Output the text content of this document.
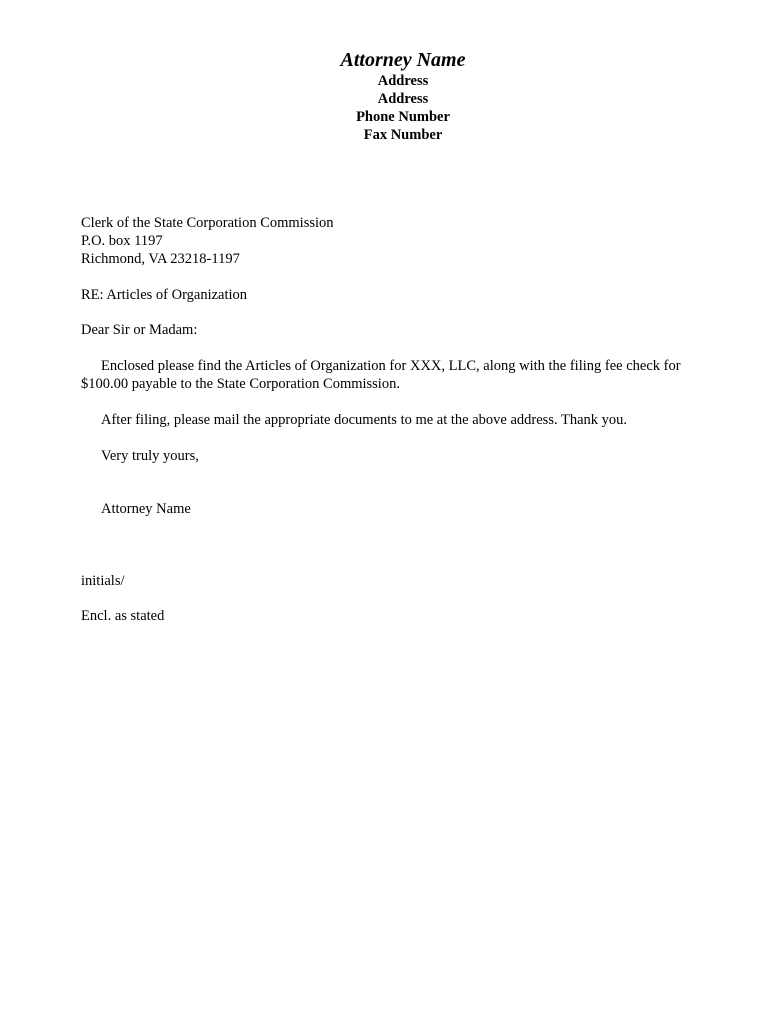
Attorney Name
Address
Address
Phone Number
Fax Number
Clerk of the State Corporation Commission
P.O. box 1197
Richmond, VA 23218-1197
RE: Articles of Organization
Dear Sir or Madam:
Enclosed please find the Articles of Organization for XXX, LLC, along with the filing fee check for
$100.00 payable to the State Corporation Commission.
After filing, please mail the appropriate documents to me at the above address. Thank you.
Very truly yours,
Attorney Name
initials/
Encl. as stated
